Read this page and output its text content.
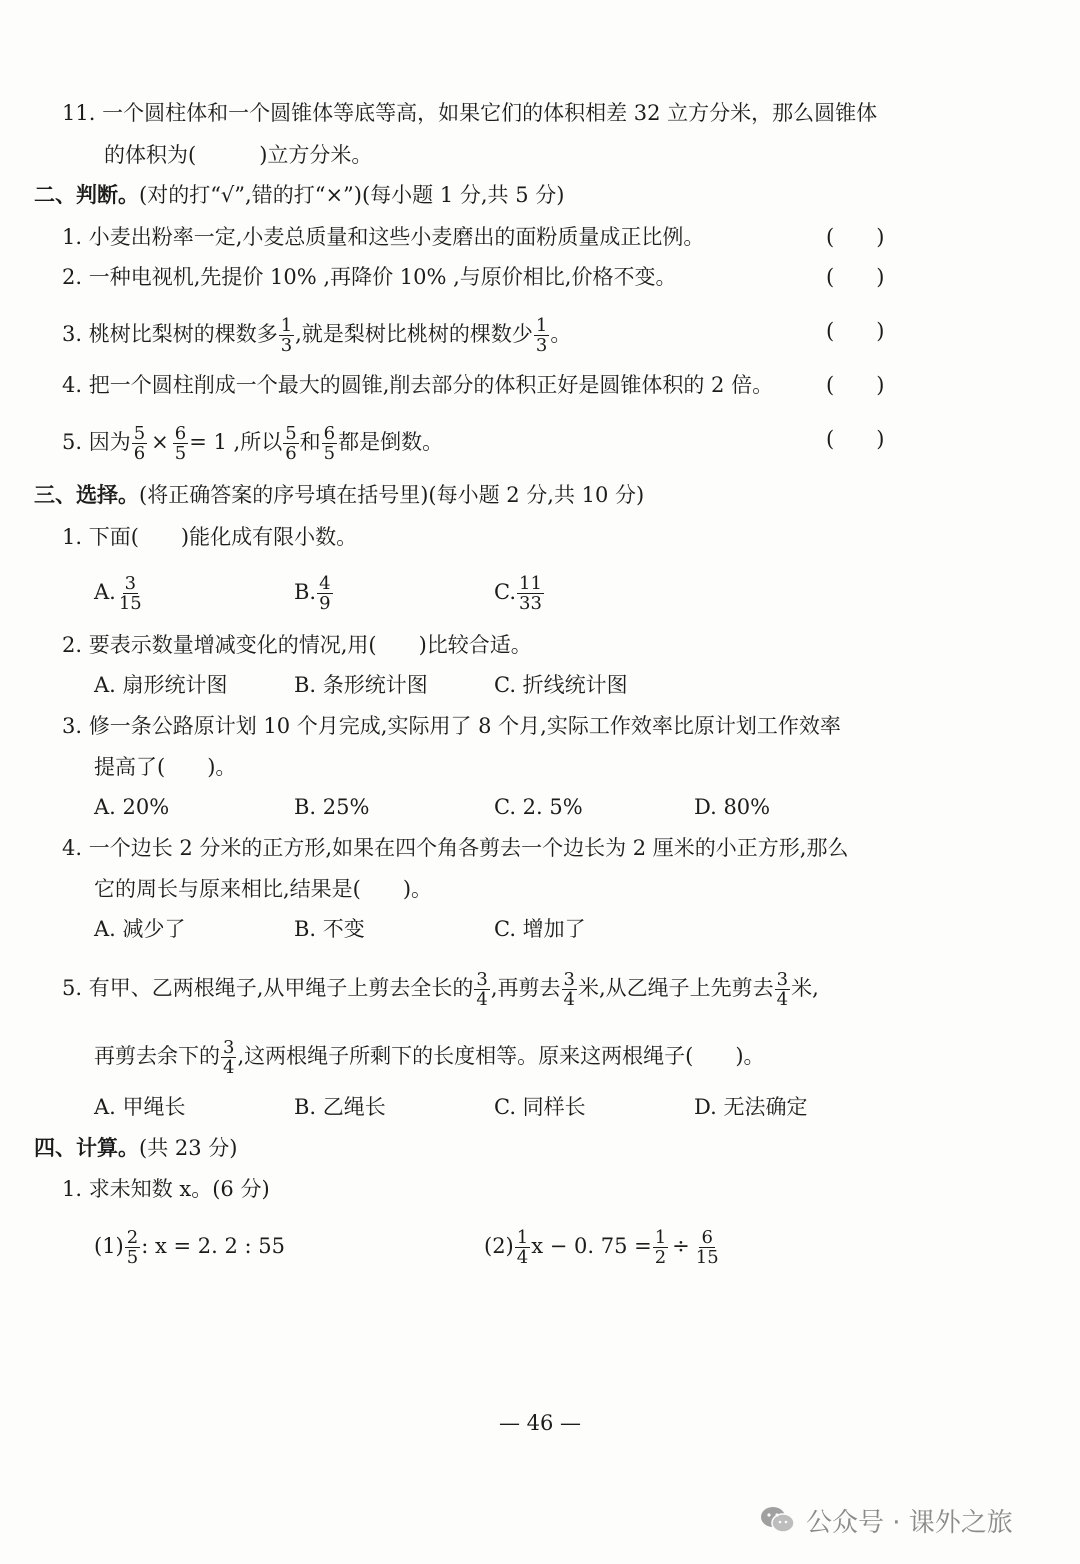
11. 一个圆柱体和一个圆锥体等底等高，如果它们的体积相差 32 立方分米，那么圆锥体
的体积为(　　　)立方分米。
二、判断。(对的打“√”,错的打“×”)(每小题 1 分,共 5 分)
1. 小麦出粉率一定,小麦总质量和这些小麦磨出的面粉质量成正比例。	(　　)
2. 一种电视机,先提价 10% ,再降价 10% ,与原价相比,价格不变。	(　　)
3. 桃树比梨树的棵数多 $\frac{1}{3}$ ,就是梨树比桃树的棵数少 $\frac{1}{3}$ 。	(　　)
4. 把一个圆柱削成一个最大的圆锥,削去部分的体积正好是圆锥体积的 2 倍。	(　　)
5. 因为 $\frac{5}{6} \times \frac{6}{5} = 1$ ,所以 $\frac{5}{6}$ 和 $\frac{6}{5}$ 都是倒数。	(　　)
三、选择。(将正确答案的序号填在括号里)(每小题 2 分,共 10 分)
1. 下面(　　)能化成有限小数。
A. $\frac{3}{15}$	B. $\frac{4}{9}$	C. $\frac{11}{33}$
2. 要表示数量增减变化的情况,用(　　)比较合适。
A. 扇形统计图	B. 条形统计图	C. 折线统计图
3. 修一条公路原计划 10 个月完成,实际用了 8 个月,实际工作效率比原计划工作效率
提高了(　　)。
A. 20%	B. 25%	C. 2. 5%	D. 80%
4. 一个边长 2 分米的正方形,如果在四个角各剪去一个边长为 2 厘米的小正方形,那么
它的周长与原来相比,结果是(　　)。
A. 减少了	B. 不变	C. 增加了
5. 有甲、乙两根绳子,从甲绳子上剪去全长的 $\frac{3}{4}$ ,再剪去 $\frac{3}{4}$ 米,从乙绳子上先剪去 $\frac{3}{4}$ 米,
再剪去余下的 $\frac{3}{4}$ ,这两根绳子所剩下的长度相等。原来这两根绳子(　　)。
A. 甲绳长	B. 乙绳长	C. 同样长	D. 无法确定
四、计算。(共 23 分)
1. 求未知数 x。(6 分)
$(1) \frac{2}{5}$ : x = 2. 2 : 55	$(2) \frac{1}{4}$ x − 0. $75 = \frac{1}{2} \div \frac{6}{15}$
— 46 —
公众号 · 课外之旅
